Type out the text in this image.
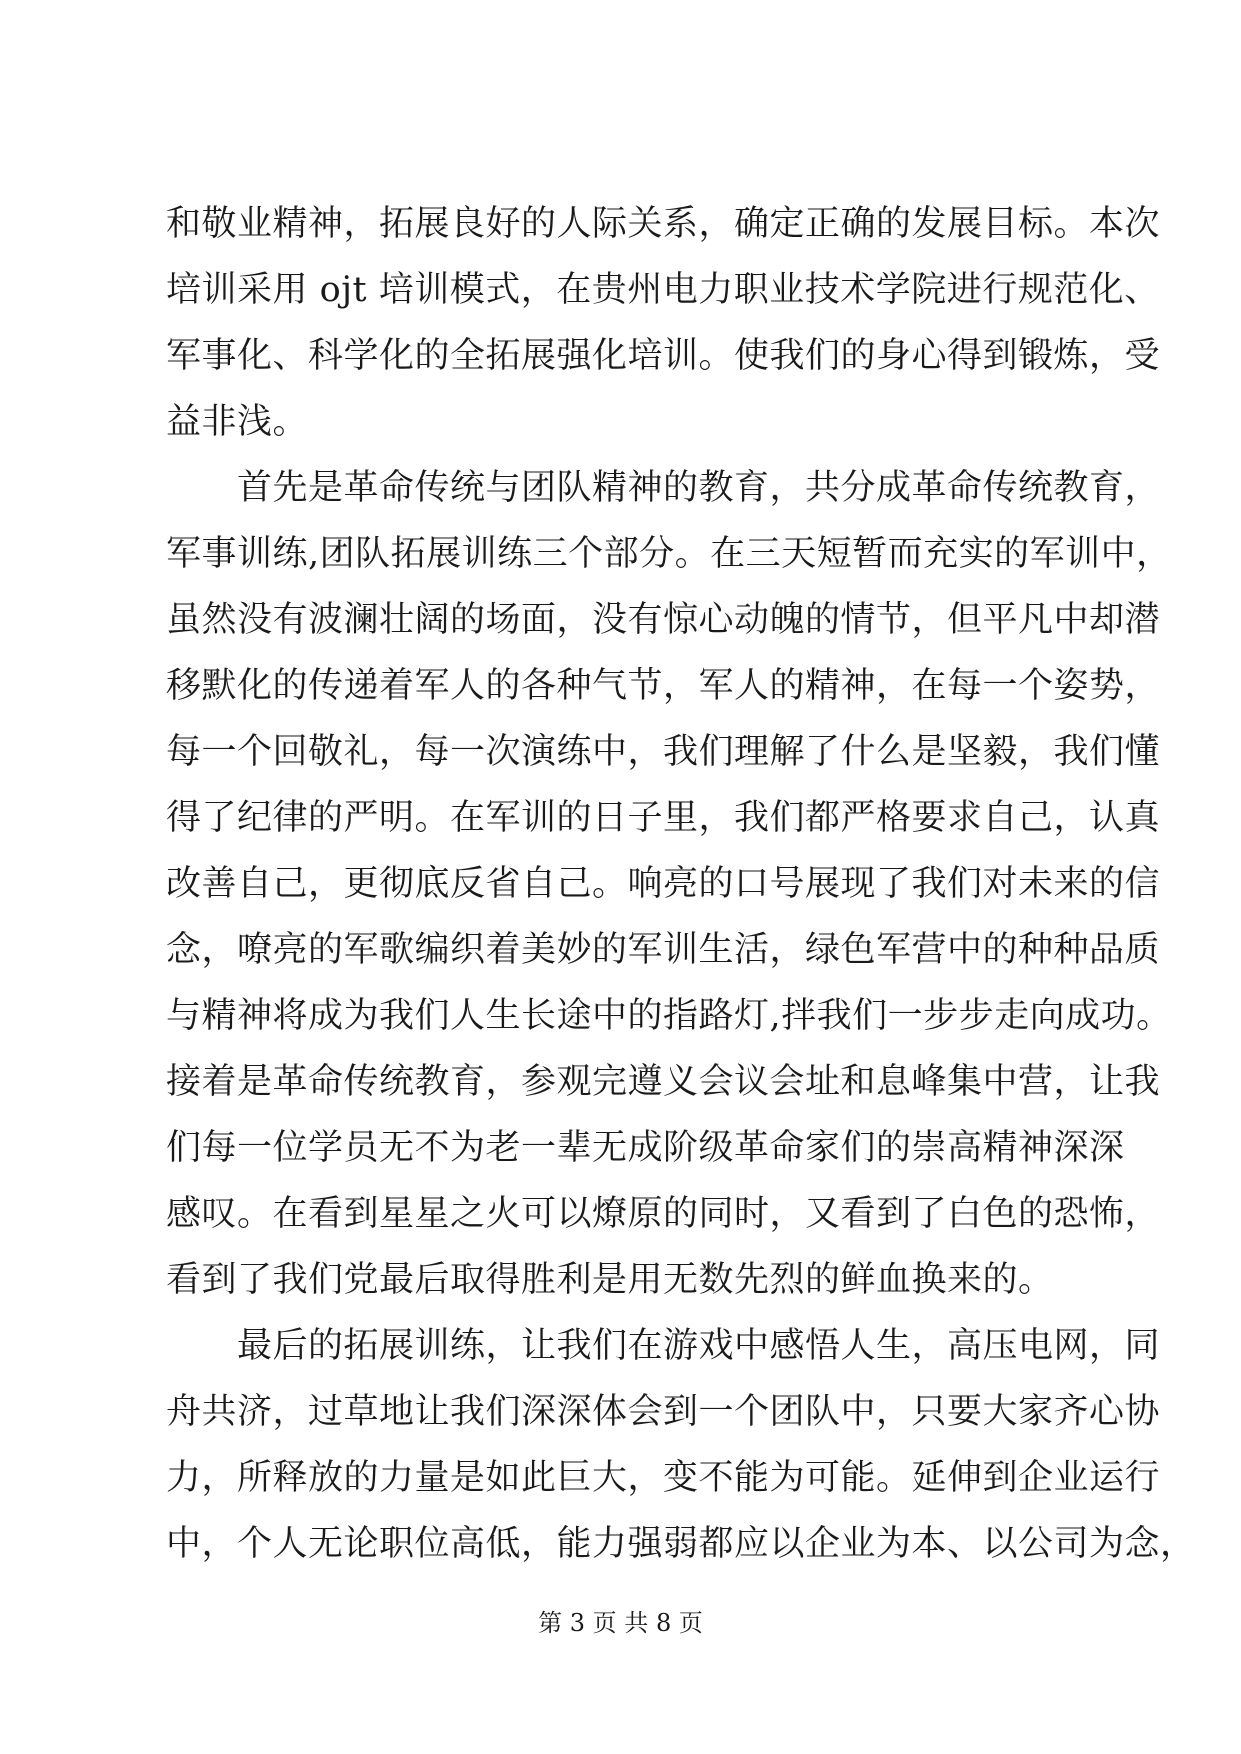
和敬业精神，拓展良好的人际关系，确定正确的发展目标。本次
培训采用 ojt 培训模式，在贵州电力职业技术学院进行规范化、
军事化、科学化的全拓展强化培训。使我们的身心得到锻炼，受
益非浅。
　　首先是革命传统与团队精神的教育，共分成革命传统教育，
军事训练,团队拓展训练三个部分。在三天短暂而充实的军训中，
虽然没有波澜壮阔的场面，没有惊心动魄的情节，但平凡中却潜
移默化的传递着军人的各种气节，军人的精神，在每一个姿势，
每一个回敬礼，每一次演练中，我们理解了什么是坚毅，我们懂
得了纪律的严明。在军训的日子里，我们都严格要求自己，认真
改善自己，更彻底反省自己。响亮的口号展现了我们对未来的信
念，嘹亮的军歌编织着美妙的军训生活，绿色军营中的种种品质
与精神将成为我们人生长途中的指路灯,拌我们一步步走向成功。
接着是革命传统教育，参观完遵义会议会址和息峰集中营，让我
们每一位学员无不为老一辈无成阶级革命家们的崇高精神深深
感叹。在看到星星之火可以燎原的同时，又看到了白色的恐怖，
看到了我们党最后取得胜利是用无数先烈的鲜血换来的。
　　最后的拓展训练，让我们在游戏中感悟人生，高压电网，同
舟共济，过草地让我们深深体会到一个团队中，只要大家齐心协
力，所释放的力量是如此巨大，变不能为可能。延伸到企业运行
中，个人无论职位高低，能力强弱都应以企业为本、以公司为念，
第 3 页 共 8 页
